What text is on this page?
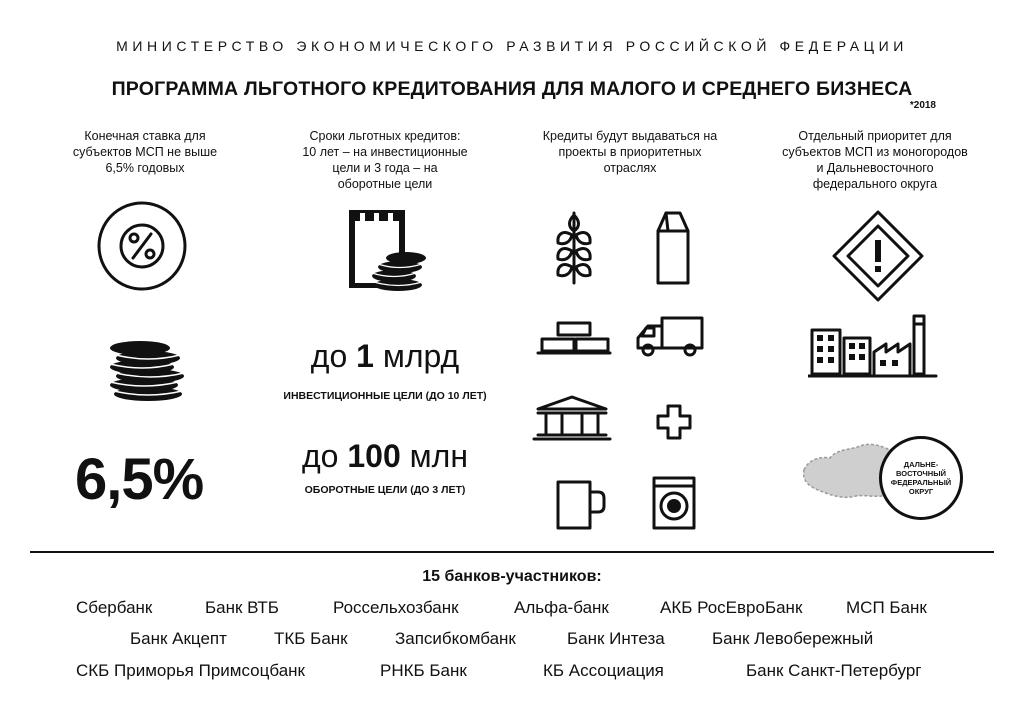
МИНИСТЕРСТВО ЭКОНОМИЧЕСКОГО РАЗВИТИЯ РОССИЙСКОЙ ФЕДЕРАЦИИ
ПРОГРАММА ЛЬГОТНОГО КРЕДИТОВАНИЯ ДЛЯ МАЛОГО И СРЕДНЕГО БИЗНЕСА
*2018
Конечная ставка для
субъектов МСП не выше
6,5% годовых
6,5%
Сроки льготных кредитов:
10 лет – на инвестиционные
цели и 3 года – на
оборотные цели
до 1 млрд
ИНВЕСТИЦИОННЫЕ ЦЕЛИ (ДО 10 ЛЕТ)
до 100 млн
ОБОРОТНЫЕ ЦЕЛИ (ДО 3 ЛЕТ)
Кредиты будут выдаваться на
проекты в приоритетных
отраслях
Отдельный приоритет для
субъектов МСП из моногородов
и Дальневосточного
федерального округа
ДАЛЬНЕ-
ВОСТОЧНЫЙ
ФЕДЕРАЛЬНЫЙ
ОКРУГ
15 банков-участников:
Сбербанк	Банк ВТБ	Россельхозбанк	Альфа-банк	АКБ РосЕвроБанк	МСП Банк
Банк Акцепт	ТКБ Банк	Запсибкомбанк	Банк Интеза	Банк Левобережный
СКБ Приморья Примсоцбанк	РНКБ Банк	КБ Ассоциация	Банк Санкт-Петербург
